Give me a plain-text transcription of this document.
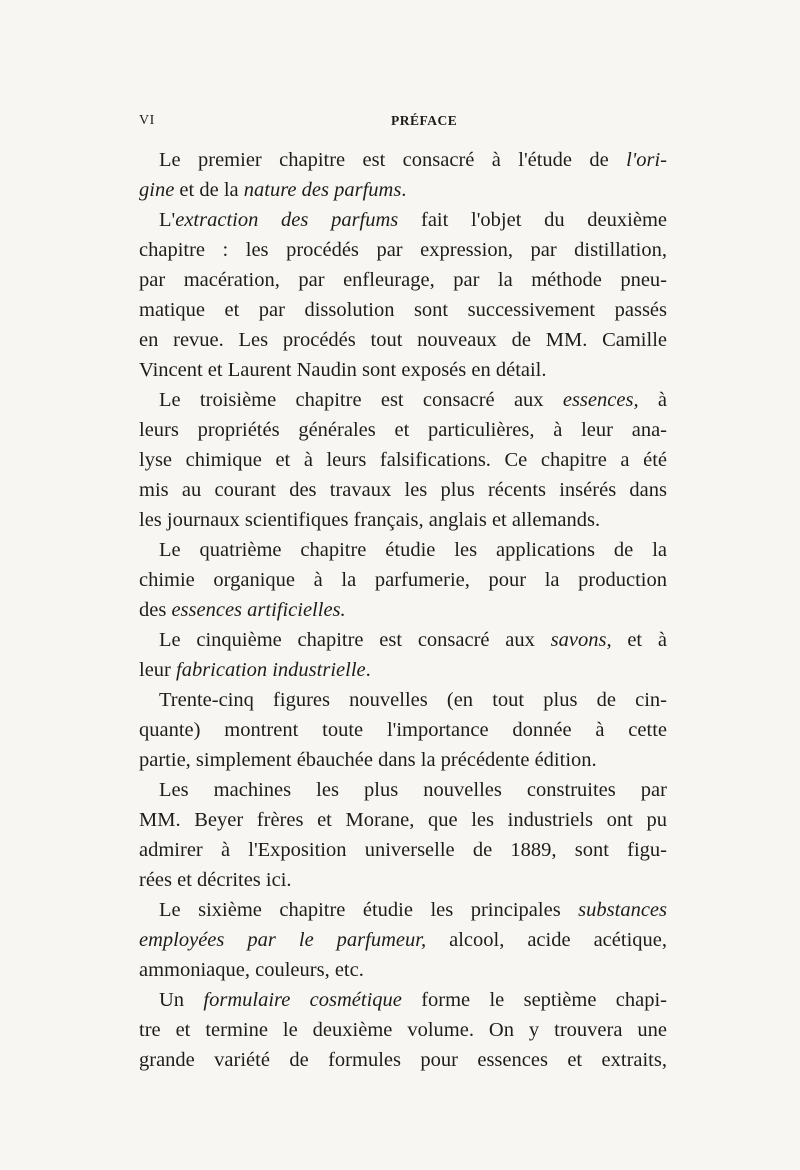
VI	PRÉFACE
Le premier chapitre est consacré à l'étude de l'ori-
gine et de la nature des parfums.
L'extraction des parfums fait l'objet du deuxième
chapitre : les procédés par expression, par distillation,
par macération, par enfleurage, par la méthode pneu-
matique et par dissolution sont successivement passés
en revue. Les procédés tout nouveaux de MM. Camille
Vincent et Laurent Naudin sont exposés en détail.
Le troisième chapitre est consacré aux essences, à
leurs propriétés générales et particulières, à leur ana-
lyse chimique et à leurs falsifications. Ce chapitre a été
mis au courant des travaux les plus récents insérés dans
les journaux scientifiques français, anglais et allemands.
Le quatrième chapitre étudie les applications de la
chimie organique à la parfumerie, pour la production
des essences artificielles.
Le cinquième chapitre est consacré aux savons, et à
leur fabrication industrielle.
Trente-cinq figures nouvelles (en tout plus de cin-
quante) montrent toute l'importance donnée à cette
partie, simplement ébauchée dans la précédente édition.
Les machines les plus nouvelles construites par
MM. Beyer frères et Morane, que les industriels ont pu
admirer à l'Exposition universelle de 1889, sont figu-
rées et décrites ici.
Le sixième chapitre étudie les principales substances
employées par le parfumeur, alcool, acide acétique,
ammoniaque, couleurs, etc.
Un formulaire cosmétique forme le septième chapi-
tre et termine le deuxième volume. On y trouvera une
grande variété de formules pour essences et extraits,
